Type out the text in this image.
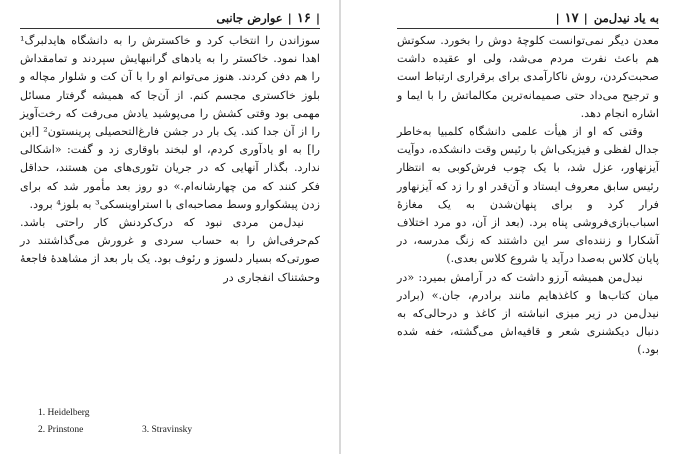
|
۱۶
|
عوارض جانبی

سوزاندن را انتخاب کرد و خاکسترش را به دانشگاه هایدلبرگ¹ اهدا نمود. خاکستر را به یادهای گرانبهایش سپردند و تمامقداش را هم دفن کردند. هنوز می‌توانم او را با آن کت و شلوار مچاله و بلوز خاکستری مجسم کنم. از آن‌جا که همیشه گرفتار مسائل مهمی بود وقتی کشش را می‌پوشید یادش می‌رفت که رخت‌آویز را از آن جدا کند. یک بار در جشن فارغ‌التحصیلی پرینستون² [این را] به او یادآوری کردم، او لبخند باوقاری زد و گفت: «اشکالی ندارد. بگذار آنهایی که در جریان تئوری‌های من هستند، حداقل فکر کنند که من چهارشانه‌ام.» دو روز بعد مأمور شد که برای زدن پیشکوارو وسط مصاحبه‌ای با استراوینسکی³ به بلوز⁴ برود.

نیدل‌من مردی نبود که درک‌کردنش کار راحتی باشد. کم‌حرفی‌اش را به حساب سردی و غرورش می‌گذاشتند در صورتی‌که بسیار دلسوز و رئوف بود. یک بار بعد از مشاهدهٔ فاجعهٔ وحشتناک انفجاری در

1. Heidelberg
2. Prinstone	3. Stravinsky
به یاد نیدل‌من
|
۱۷
|

معدن دیگر نمی‌توانست کلوچهٔ دوش را بخورد. سکوتش هم باعث نفرت مردم می‌شد، ولی او عقیده داشت صحبت‌کردن، روش ناکارآمدی برای برقراری ارتباط است و ترجیح می‌داد حتی صمیمانه‌ترین مکالماتش را با ایما و اشاره انجام دهد.

وقتی که او از هیأت علمی دانشگاه کلمبیا به‌خاطر جدال لفظی و فیزیکی‌اش با رئیس وقت دانشکده، دوآیت آیزنهاور، عزل شد، با یک چوب فرش‌کوبی به انتظار رئیس سابق معروف ایستاد و آن‌قدر او را زد که آیزنهاور فرار کرد و برای پنهان‌شدن به یک مغازهٔ اسباب‌بازی‌فروشی پناه برد. (بعد از آن، دو مرد اختلاف آشکارا و زننده‌ای سر این داشتند که زنگ مدرسه، در پایان کلاس به‌صدا درآید یا شروع کلاس بعدی.)

نیدل‌من همیشه آرزو داشت که در آرامش بمیرد: «در میان کتاب‌ها و کاغذهایم مانند برادرم، جان.» (برادر نیدل‌من در زیر میزی انباشته از کاغذ و درحالی‌که به دنبال دیکشنری شعر و قافیه‌اش می‌گشته، خفه شده بود.)
